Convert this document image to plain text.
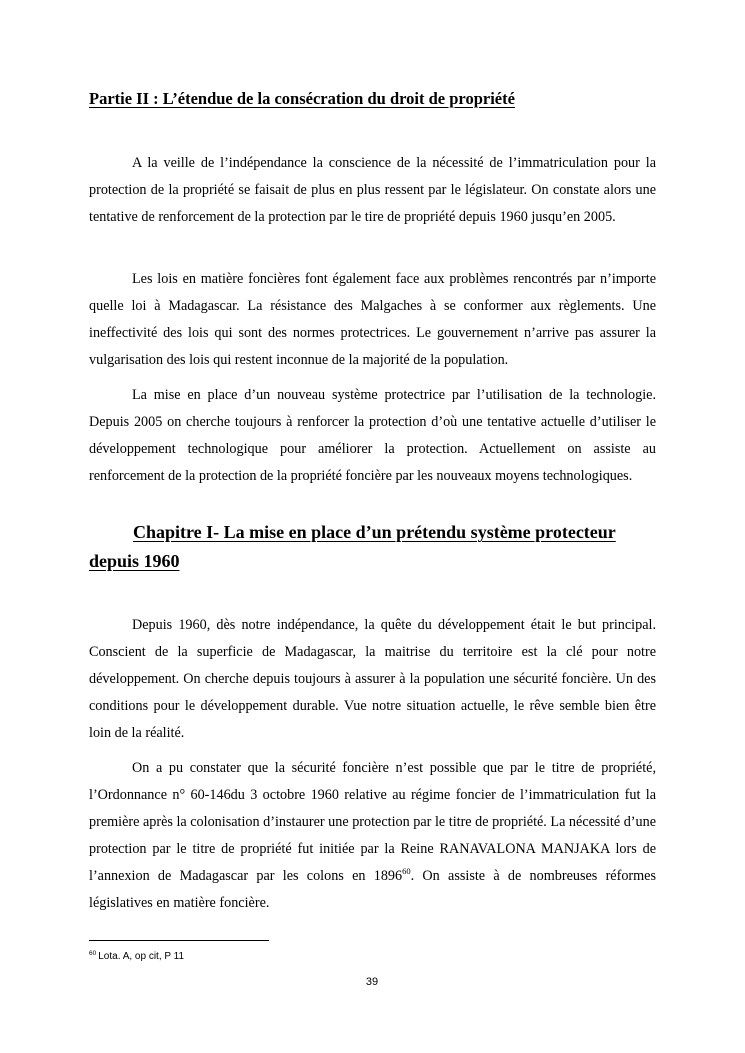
Partie II : L’étendue de la consécration du droit de propriété

A la veille de l’indépendance la conscience de la nécessité de l’immatriculation pour la protection de la propriété se faisait de plus en plus ressent par le législateur. On constate alors une tentative de renforcement de la protection par le tire de propriété depuis 1960 jusqu’en 2005.

Les lois en matière foncières font également face aux problèmes rencontrés par n’importe quelle loi à Madagascar. La résistance des Malgaches à se conformer aux règlements. Une ineffectivité des lois qui sont des normes protectrices. Le gouvernement n’arrive pas assurer la vulgarisation des lois qui restent inconnue de la majorité de la population.

La mise en place d’un nouveau système protectrice par l’utilisation de la technologie. Depuis 2005 on cherche toujours à renforcer la protection d’où une tentative actuelle d’utiliser le développement technologique pour améliorer la protection. Actuellement on assiste au renforcement de la protection de la propriété foncière par les nouveaux moyens technologiques.

Chapitre I- La mise en place d’un prétendu système protecteur depuis 1960

Depuis 1960, dès notre indépendance, la quête du développement était le but principal. Conscient de la superficie de Madagascar, la maitrise du territoire est la clé pour notre développement. On cherche depuis toujours à assurer à la population une sécurité foncière. Un des conditions pour le développement durable. Vue notre situation actuelle, le rêve semble bien être loin de la réalité.

On a pu constater que la sécurité foncière n’est possible que par le titre de propriété, l’Ordonnance n° 60-146du 3 octobre 1960 relative au régime foncier de l’immatriculation fut la première après la colonisation d’instaurer une protection par le titre de propriété. La nécessité d’une protection par le titre de propriété fut initiée par la Reine RANAVALONA MANJAKA lors de l’annexion de Madagascar par les colons en 1896$^{60}$. On assiste à de nombreuses réformes législatives en matière foncière.

$^{60}$ Lota. A, op cit, P 11

39
